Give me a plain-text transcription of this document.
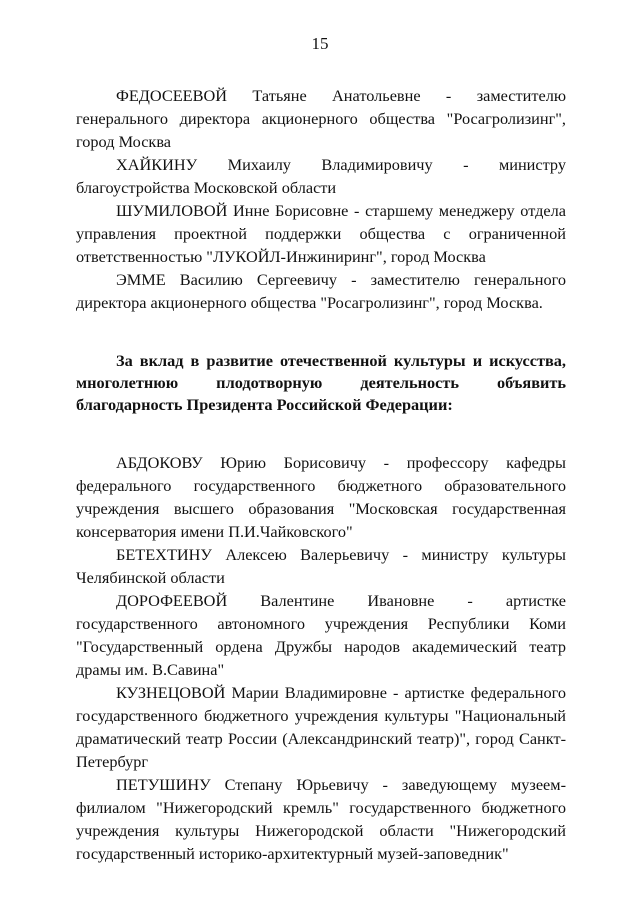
15

ФЕДОСЕЕВОЙ Татьяне Анатольевне - заместителю генерального директора акционерного общества "Росагролизинг", город Москва

ХАЙКИНУ Михаилу Владимировичу - министру благоустройства Московской области

ШУМИЛОВОЙ Инне Борисовне - старшему менеджеру отдела управления проектной поддержки общества с ограниченной ответственностью "ЛУКОЙЛ-Инжиниринг", город Москва

ЭММЕ Василию Сергеевичу - заместителю генерального директора акционерного общества "Росагролизинг", город Москва.

За вклад в развитие отечественной культуры и искусства, многолетнюю плодотворную деятельность объявить благодарность Президента Российской Федерации:

АБДОКОВУ Юрию Борисовичу - профессору кафедры федерального государственного бюджетного образовательного учреждения высшего образования "Московская государственная консерватория имени П.И.Чайковского"

БЕТЕХТИНУ Алексею Валерьевичу - министру культуры Челябинской области

ДОРОФЕЕВОЙ Валентине Ивановне - артистке государственного автономного учреждения Республики Коми "Государственный ордена Дружбы народов академический театр драмы им. В.Савина"

КУЗНЕЦОВОЙ Марии Владимировне - артистке федерального государственного бюджетного учреждения культуры "Национальный драматический театр России (Александринский театр)", город Санкт-Петербург

ПЕТУШИНУ Степану Юрьевичу - заведующему музеем-филиалом "Нижегородский кремль" государственного бюджетного учреждения культуры Нижегородской области "Нижегородский государственный историко-архитектурный музей-заповедник"
